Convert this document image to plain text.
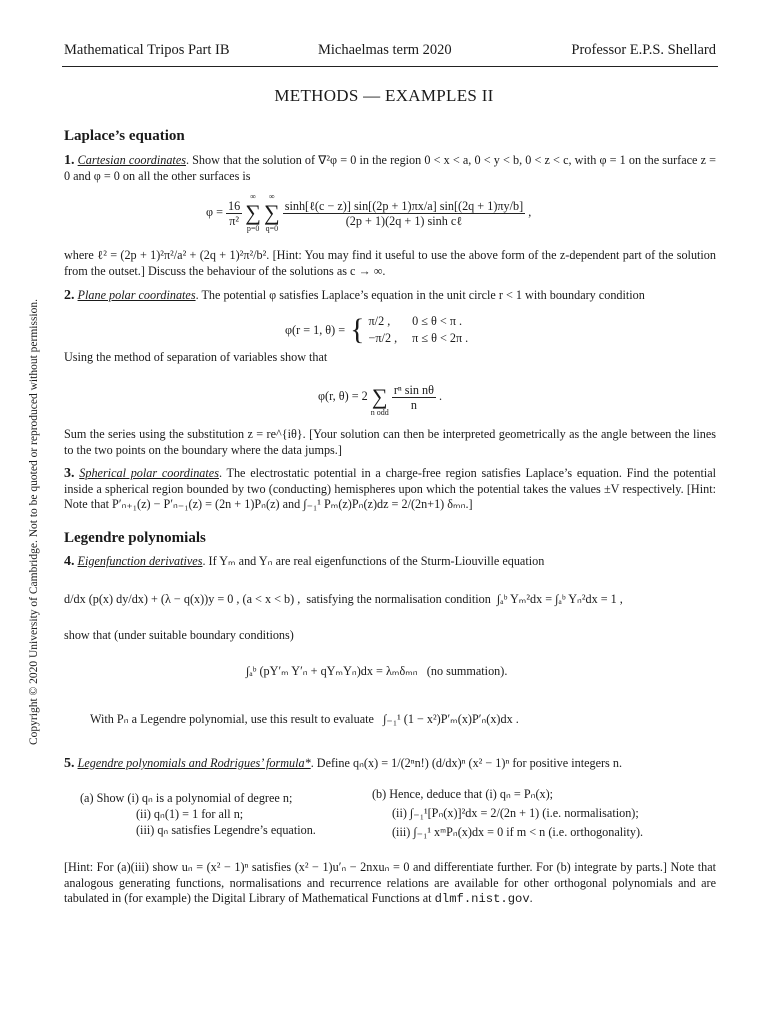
Mathematical Tripos Part IB	Michaelmas term 2020	Professor E.P.S. Shellard
METHODS — EXAMPLES II
Copyright © 2020 University of Cambridge. Not to be quoted or reproduced without permission.
Laplace’s equation
1. Cartesian coordinates. Show that the solution of ∇²φ = 0 in the region 0 < x < a, 0 < y < b, 0 < z < c, with φ = 1 on the surface z = 0 and φ = 0 on all the other surfaces is
$\varphi = \frac{16}{\text{π²}}$

∞
∑
p=0

∞
∑
q=0

$\frac{\text{sinh[ℓ(c − z)] sin[(2p + 1)πx/a] sin[(2q + 1)πy/b]}}{\text{(2p + 1)(2q + 1) sinh cℓ}}$ ,
where ℓ² = (2p + 1)²π²/a² + (2q + 1)²π²/b². [Hint: You may find it useful to use the above form of the z-dependent part of the solution from the outset.] Discuss the behaviour of the solutions as c → ∞.
2. Plane polar coordinates. The potential φ satisfies Laplace’s equation in the unit circle r < 1 with boundary condition
φ(r = 1, θ) =	{	π/2 ,	0 ≤ θ < π .
		−π/2 ,	π ≤ θ < 2π .
Using the method of separation of variables show that
φ(r, θ) = 2
∑
n odd

$\frac{\text{rⁿ sin nθ}}{n}$ .
Sum the series using the substitution z = re^{iθ}. [Your solution can then be interpreted geometrically as the angle between the lines to the two points on the boundary where the data jumps.]
3. Spherical polar coordinates. The electrostatic potential in a charge-free region satisfies Laplace’s equation. Find the potential inside a spherical region bounded by two (conducting) hemispheres upon which the potential takes the values ±V respectively. [Hint: Note that P′ₙ₊₁(z) − P′ₙ₋₁(z) = (2n + 1)Pₙ(z) and ∫₋₁¹ Pₘ(z)Pₙ(z)dz = 2/(2n+1) δₘₙ.]
Legendre polynomials
4. Eigenfunction derivatives. If Yₘ and Yₙ are real eigenfunctions of the Sturm-Liouville equation
d/dx (p(x) dy/dx) + (λ − q(x))y = 0 , (a < x < b) , satisfying the normalisation condition ∫ₐᵇ Yₘ²dx = ∫ₐᵇ Yₙ²dx = 1 ,
show that (under suitable boundary conditions)
∫ₐᵇ (pY′ₘ Y′ₙ + qYₘYₙ)dx = λₘδₘₙ (no summation).
With Pₙ a Legendre polynomial, use this result to evaluate ∫₋₁¹ (1 − x²)P′ₘ(x)P′ₙ(x)dx .
5. Legendre polynomials and Rodrigues’ formula*. Define qₙ(x) = 1/(2ⁿn!) (d/dx)ⁿ (x² − 1)ⁿ for positive integers n.
(a) Show (i) qₙ is a polynomial of degree n;
(ii) qₙ(1) = 1 for all n;
(iii) qₙ satisfies Legendre’s equation.
(b) Hence, deduce that (i) qₙ = Pₙ(x);
(ii) ∫₋₁¹[Pₙ(x)]²dx = 2/(2n + 1) (i.e. normalisation);
(iii) ∫₋₁¹ xᵐPₙ(x)dx = 0 if m < n (i.e. orthogonality).
[Hint: For (a)(iii) show uₙ = (x² − 1)ⁿ satisfies (x² − 1)u′ₙ − 2nxuₙ = 0 and differentiate further. For (b) integrate by parts.] Note that analogous generating functions, normalisations and recurrence relations are available for other orthogonal polynomials and are tabulated in (for example) the Digital Library of Mathematical Functions at dlmf.nist.gov.
